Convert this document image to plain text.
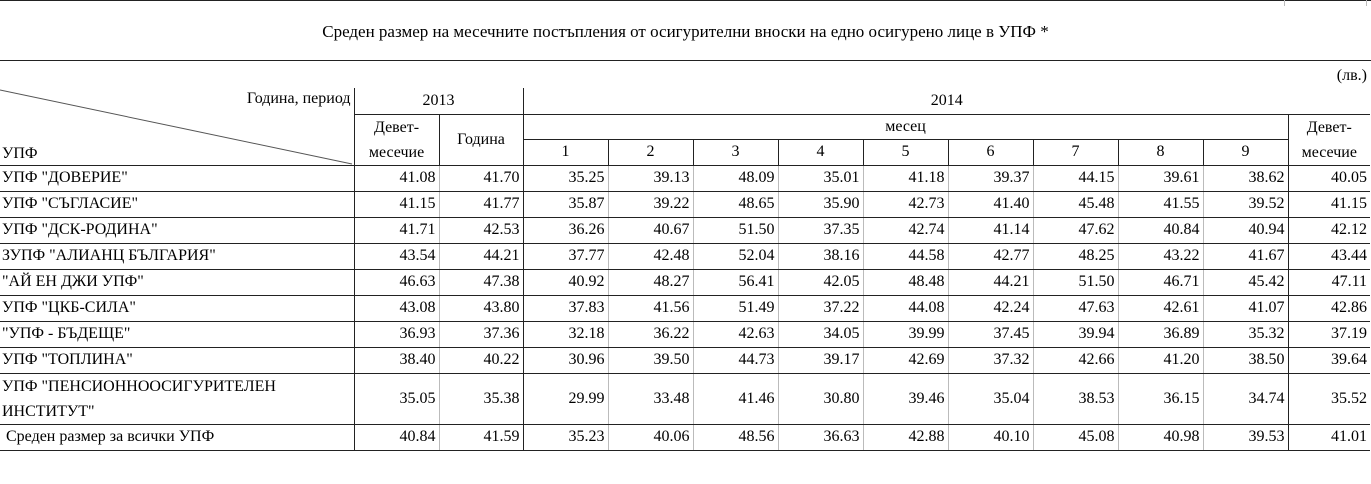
Среден размер на месечните постъпления от осигурителни вноски на едно осигурено лице в УПФ *
(лв.)
Година, период
УПФ	2013		2014									
	Девет-
месечие	Година	месец									Девет-
месечие
			1	2	3	4	5	6	7	8	9	
УПФ "ДОВЕРИЕ"	41.08	41.70	35.25	39.13	48.09	35.01	41.18	39.37	44.15	39.61	38.62	40.05
УПФ "СЪГЛАСИЕ"	41.15	41.77	35.87	39.22	48.65	35.90	42.73	41.40	45.48	41.55	39.52	41.15
УПФ "ДСК-РОДИНА"	41.71	42.53	36.26	40.67	51.50	37.35	42.74	41.14	47.62	40.84	40.94	42.12
ЗУПФ "АЛИАНЦ БЪЛГАРИЯ"	43.54	44.21	37.77	42.48	52.04	38.16	44.58	42.77	48.25	43.22	41.67	43.44
"АЙ ЕН ДЖИ УПФ"	46.63	47.38	40.92	48.27	56.41	42.05	48.48	44.21	51.50	46.71	45.42	47.11
УПФ "ЦКБ-СИЛА"	43.08	43.80	37.83	41.56	51.49	37.22	44.08	42.24	47.63	42.61	41.07	42.86
"УПФ - БЪДЕЩЕ"	36.93	37.36	32.18	36.22	42.63	34.05	39.99	37.45	39.94	36.89	35.32	37.19
УПФ "ТОПЛИНА"	38.40	40.22	30.96	39.50	44.73	39.17	42.69	37.32	42.66	41.20	38.50	39.64
УПФ "ПЕНСИОННООСИГУРИТЕЛЕН
ИНСТИТУТ"	35.05	35.38	29.99	33.48	41.46	30.80	39.46	35.04	38.53	36.15	34.74	35.52
Среден размер за всички УПФ	40.84	41.59	35.23	40.06	48.56	36.63	42.88	40.10	45.08	40.98	39.53	41.01
